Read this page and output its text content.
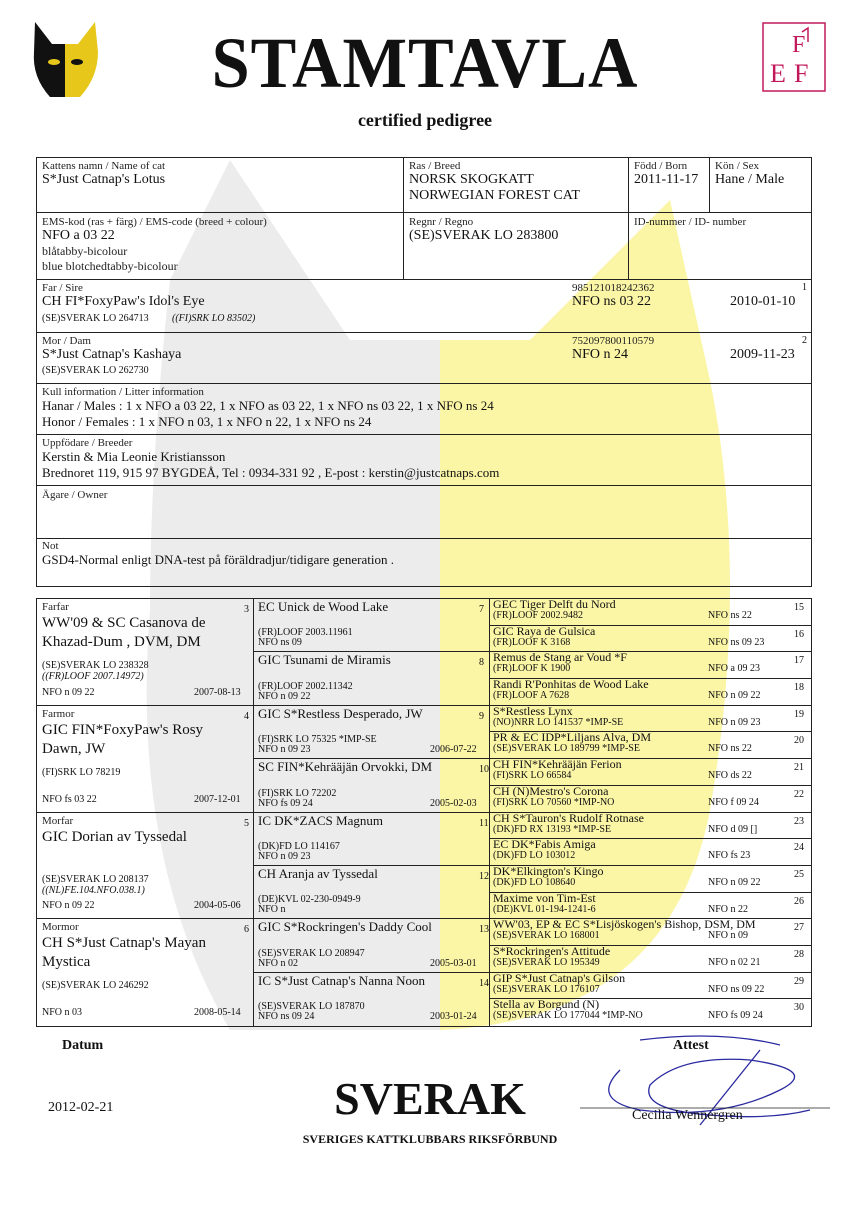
STAMTAVLA
certified pedigree
F
E F
Kattens namn / Name of cat
S*Just Catnap's Lotus
Ras / Breed
NORSK SKOGKATT
NORWEGIAN FOREST CAT
Född / Born
2011-11-17
Kön / Sex
Hane / Male
EMS-kod (ras + färg) / EMS-code (breed + colour)
NFO a 03 22
blåtabby-bicolour
blue blotchedtabby-bicolour
Regnr / Regno
(SE)SVERAK LO 283800
ID-nummer / ID- number
Far / Sire
CH FI*FoxyPaw's Idol's Eye
(SE)SVERAK LO 264713 ((FI)SRK LO 83502)
985121018242362
NFO ns 03 22	2010-01-10
1
Mor / Dam
S*Just Catnap's Kashaya
(SE)SVERAK LO 262730
752097800110579
NFO n 24	2009-11-23
2
Kull information / Litter information
Hanar / Males : 1 x NFO a 03 22, 1 x NFO as 03 22, 1 x NFO ns 03 22, 1 x NFO ns 24
Honor / Females : 1 x NFO n 03, 1 x NFO n 22, 1 x NFO ns 24
Uppfödare / Breeder
Kerstin & Mia Leonie Kristiansson
Brednoret 119, 915 97 BYGDEÅ, Tel : 0934-331 92 , E-post : kerstin@justcatnaps.com
Ägare / Owner
Not
GSD4-Normal enligt DNA-test på föräldradjur/tidigare generation .
Datum
2012-02-21	SVERAK
SVERIGES KATTKLUBBARS RIKSFÖRBUND
Attest
Cecilia Wennergren
Farfar
WW'09 & SC Casanova de Khazad-Dum , DVM, DM
(SE)SVERAK LO 238328
((FR)LOOF 2007.14972)
NFO n 09 22	2007-08-13
3
Farmor
GIC FIN*FoxyPaw's Rosy Dawn, JW
(FI)SRK LO 78219
NFO fs 03 22	2007-12-01
4
Morfar
GIC Dorian av Tyssedal
(SE)SVERAK LO 208137
((NL)FE.104.NFO.038.1)
NFO n 09 22	2004-05-06
5
Mormor
CH S*Just Catnap's Mayan Mystica
(SE)SVERAK LO 246292
NFO n 03	2008-05-14
6
EC Unick de Wood Lake
(FR)LOOF 2003.11961
NFO ns 09
7
GIC Tsunami de Miramis
(FR)LOOF 2002.11342
NFO n 09 22
8
GIC S*Restless Desperado, JW
(FI)SRK LO 75325 *IMP-SE
NFO n 09 23	2006-07-22
9
SC FIN*Kehrääjän Orvokki, DM
(FI)SRK LO 72202
NFO fs 09 24	2005-02-03
10
IC DK*ZACS Magnum
(DK)FD LO 114167
NFO n 09 23
11
CH Aranja av Tyssedal
(DE)KVL 02-230-0949-9
NFO n
12
GIC S*Rockringen's Daddy Cool
(SE)SVERAK LO 208947
NFO n 02	2005-03-01
13
IC S*Just Catnap's Nanna Noon
(SE)SVERAK LO 187870
NFO ns 09 24	2003-01-24
14
GEC Tiger Delft du Nord
(FR)LOOF 2002.9482	NFO ns 22
15
GIC Raya de Gulsica
(FR)LOOF K 3168	NFO ns 09 23
16
Remus de Stang ar Voud *F
(FR)LOOF K 1900	NFO a 09 23
17
Randi R'Ponhitas de Wood Lake
(FR)LOOF A 7628	NFO n 09 22
18
S*Restless Lynx
(NO)NRR LO 141537 *IMP-SE	NFO n 09 23
19
PR & EC IDP*Liljans Alva, DM
(SE)SVERAK LO 189799 *IMP-SE	NFO ns 22
20
CH FIN*Kehrääjän Ferion
(FI)SRK LO 66584	NFO ds 22
21
CH (N)Mestro's Corona
(FI)SRK LO 70560 *IMP-NO	NFO f 09 24
22
CH S*Tauron's Rudolf Rotnase
(DK)FD RX 13193 *IMP-SE	NFO d 09 []
23
EC DK*Fabis Amiga
(DK)FD LO 103012	NFO fs 23
24
DK*Elkington's Kingo
(DK)FD LO 108640	NFO n 09 22
25
Maxime von Tim-Est
(DE)KVL 01-194-1241-6	NFO n 22
26
WW'03, EP & EC S*Lisjöskogen's Bishop, DSM, DM
(SE)SVERAK LO 168001	NFO n 09
27
S*Rockringen's Attitude
(SE)SVERAK LO 195349	NFO n 02 21
28
GIP S*Just Catnap's Gilson
(SE)SVERAK LO 176107	NFO ns 09 22
29
Stella av Borgund (N)
(SE)SVERAK LO 177044 *IMP-NO	NFO fs 09 24
30
